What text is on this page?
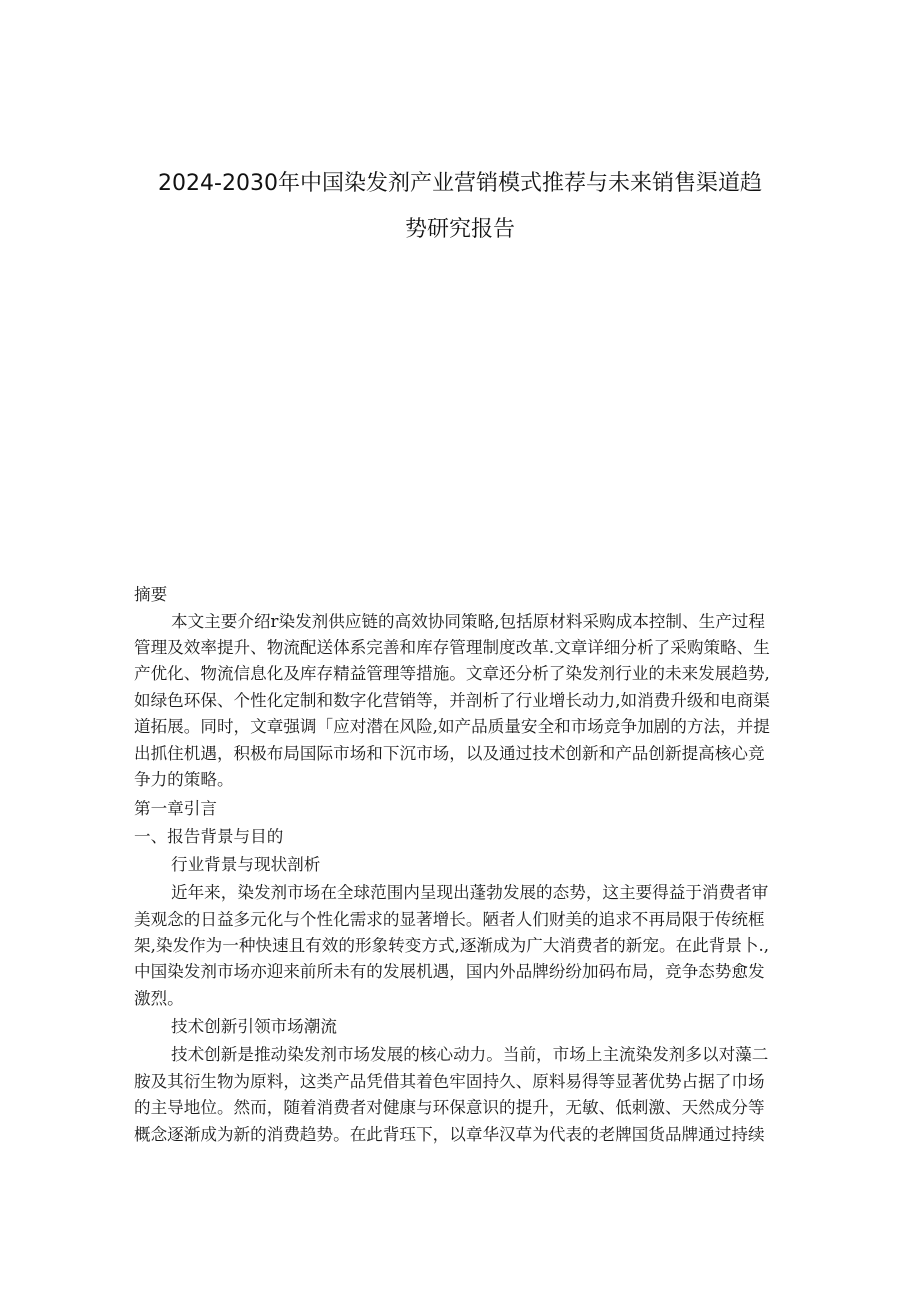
2024-2030年中国染发剂产业营销模式推荐与未来销售渠道趋
势研究报告
摘要
本文主要介绍r染发剂供应链的高效协同策略,包括原材料采购成本控制、生产过程
管理及效率提升、物流配送体系完善和库存管理制度改革.文章详细分析了采购策略、生
产优化、物流信息化及库存精益管理等措施。文章还分析了染发剂行业的未来发展趋势,
如绿色环保、个性化定制和数字化营销等，并剖析了行业增长动力,如消费升级和电商渠
道拓展。同时，文章强调「应对潜在风险,如产品质量安全和市场竞争加剧的方法，并提
出抓住机遇，积极布局国际市场和下沉市场，以及通过技术创新和产品创新提高核心竞
争力的策略。
第一章引言
一、报告背景与目的
行业背景与现状剖析
近年来，染发剂市场在全球范围内呈现出蓬勃发展的态势，这主要得益于消费者审
美观念的日益多元化与个性化需求的显著增长。陋者人们财美的追求不再局限于传统框
架,染发作为一种快速且有效的形象转变方式,逐渐成为广大消费者的新宠。在此背景卜.,
中国染发剂市场亦迎来前所未有的发展机遇，国内外品牌纷纷加码布局，竞争态势愈发
激烈。
技术创新引领市场潮流
技术创新是推动染发剂市场发展的核心动力。当前，市场上主流染发剂多以对藻二
胺及其衍生物为原料，这类产品凭借其着色牢固持久、原料易得等显著优势占据了巾场
的主导地位。然而，随着消费者对健康与环保意识的提升，无敏、低刺激、天然成分等
概念逐渐成为新的消费趋势。在此背珏下，以章华汉草为代表的老牌国货品牌通过持续
